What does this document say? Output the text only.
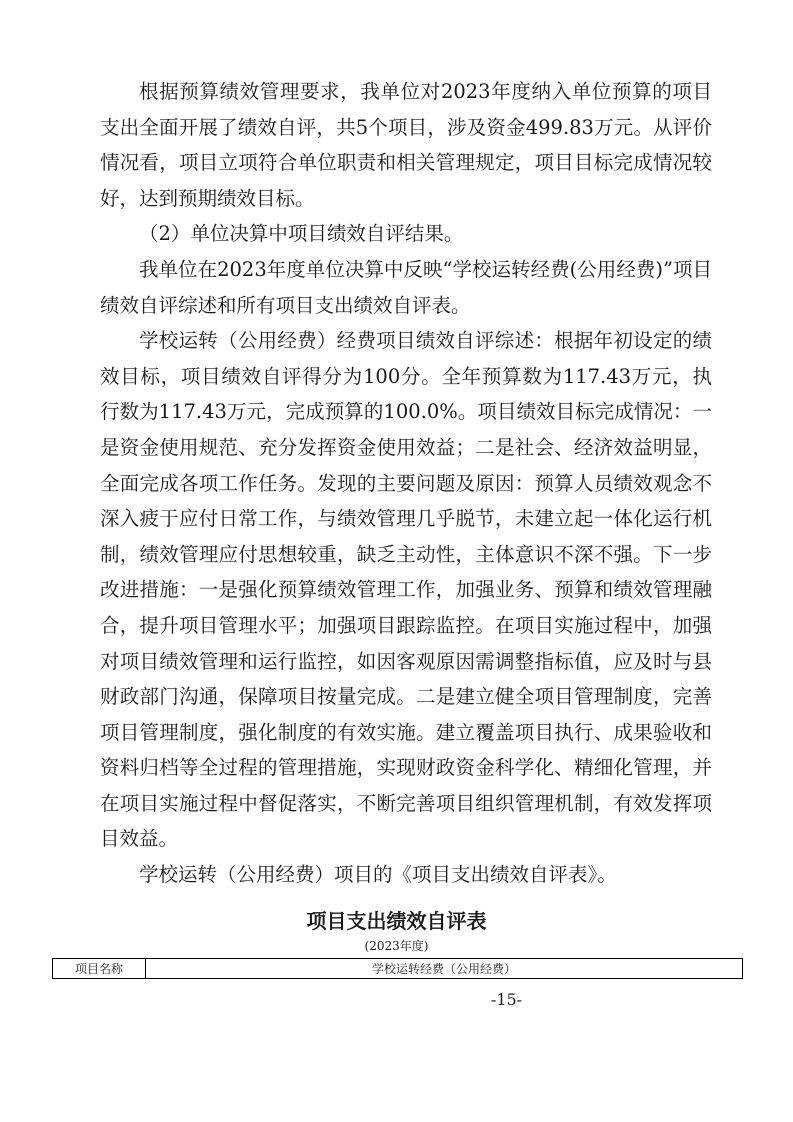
根据预算绩效管理要求，我单位对2023年度纳入单位预算的项目支出全面开展了绩效自评，共5个项目，涉及资金499.83万元。从评价情况看，项目立项符合单位职责和相关管理规定，项目目标完成情况较好，达到预期绩效目标。

（2）单位决算中项目绩效自评结果。

我单位在2023年度单位决算中反映“学校运转经费(公用经费)”项目绩效自评综述和所有项目支出绩效自评表。

学校运转（公用经费）经费项目绩效自评综述：根据年初设定的绩效目标，项目绩效自评得分为100分。全年预算数为117.43万元，执行数为117.43万元，完成预算的100.0%。项目绩效目标完成情况：一是资金使用规范、充分发挥资金使用效益；二是社会、经济效益明显，全面完成各项工作任务。发现的主要问题及原因：预算人员绩效观念不深入疲于应付日常工作，与绩效管理几乎脱节，未建立起一体化运行机制，绩效管理应付思想较重，缺乏主动性，主体意识不深不强。下一步改进措施：一是强化预算绩效管理工作，加强业务、预算和绩效管理融合，提升项目管理水平；加强项目跟踪监控。在项目实施过程中，加强对项目绩效管理和运行监控，如因客观原因需调整指标值，应及时与县财政部门沟通，保障项目按量完成。二是建立健全项目管理制度，完善项目管理制度，强化制度的有效实施。建立覆盖项目执行、成果验收和资料归档等全过程的管理措施，实现财政资金科学化、精细化管理，并在项目实施过程中督促落实，不断完善项目组织管理机制，有效发挥项目效益。

学校运转（公用经费）项目的《项目支出绩效自评表》。

项目支出绩效自评表
(2023年度)
项目名称	学校运转经费（公用经费）
-15-
